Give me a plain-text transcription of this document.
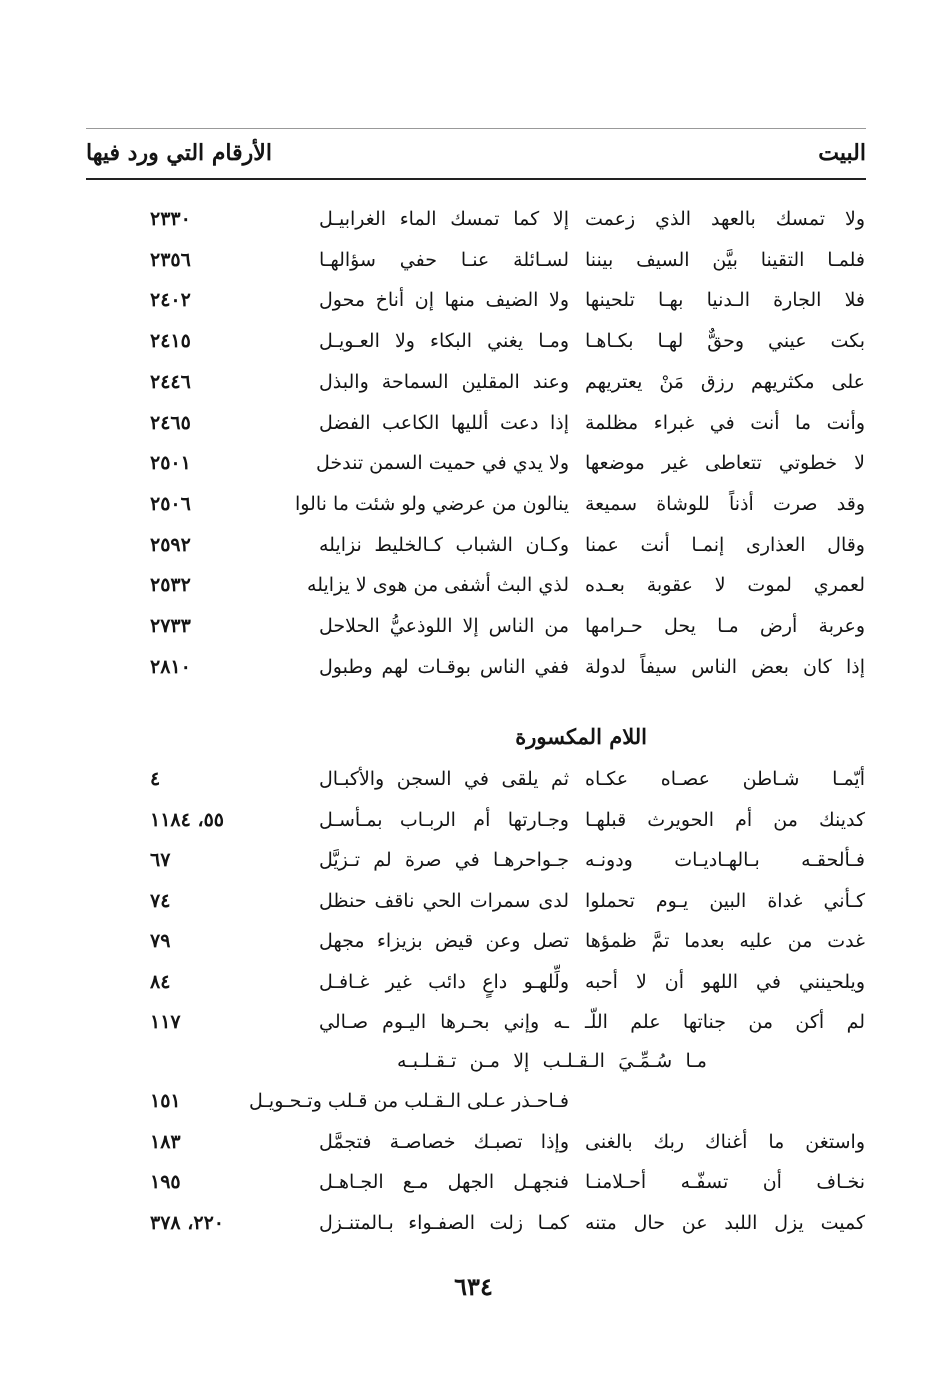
البيت
الأرقام التي ورد فيها
ولا تمسك بالعهد الذي زعمت
إلا كما تمسك الماء الغرابيـل
٢٣٣٠
فلمـا التقينا بيَّن السيف بيننا
لسـائلة عنـا حفي سؤالهـا
٢٣٥٦
فلا الجارة الـدنيا بهـا تلحينها
ولا الضيف منها إن أناخ محول
٢٤٠٢
بكت عيني وحقٌّ لهـا بكـاهـا
ومـا يغني البكاء ولا العـويـل
٢٤١٥
على مكثريهم رزق مَنْ يعتريهم
وعند المقلين السماحة والبذل
٢٤٤٦
وأنت ما أنت في غبراء مظلمة
إذا دعت ألليها الكاعب الفضل
٢٤٦٥
لا خطوتي تتعاطى غير موضعها
ولا يدي في حميت السمن تندخل
٢٥٠١
وقد صرت أذناً للوشاة سميعة
ينالون من عرضي ولو شئت ما نالوا
٢٥٠٦
وقال العذارى إنمـا أنت عمنا
وكـان الشباب كـالخليط نزايله
٢٥٩٢
لعمري لموت لا عقوبة بعـده
لذي البث أشفى من هوى لا يزايله
٢٥٣٢
وعربة أرض مـا يحل حـرامها
من الناس إلا اللوذعيُّ الحلاحل
٢٧٣٣
إذا كان بعض الناس سيفاً لدولة
ففي الناس بوقـات لهم وطبول
٢٨١٠
اللام المكسورة
أيّمـا شـاطن عصـاه عكـاه
ثم يلقى في السجن والأكبـال
٤
كدينك من أم الحويرث قبلهـا
وجـارتها أم الربـاب بمـأسـل
٥٥، ١١٨٤
فـألحقـه بـالهـاديـات ودونـه
جـواحرهـا في صرة لم تـزيَّل
٦٧
كـأني غداة البين يـوم تحملوا
لدى سمرات الحي ناقف حنظل
٧٤
غدت من عليه بعدما تمَّ ظمؤها
تصل وعن قيض بزيزاء مجهل
٧٩
ويلحينني في اللهو أن لا أحبه
ولِّلهـو داعٍ دائب غير غـافـل
٨٤
لم أكن من جناتها علم اللّـ
ـه وإني بحـرها اليـوم صـالي
١١٧
مـا سُـمِّـيَ الـقـلـب إلا مـن تـقـلـبـه
فـاحـذر عـلى الـقـلب من قـلب وتـحـويـل
١٥١
واستغن ما أغناك ربك بالغنى
وإذا تصبـك خصاصـة فتجمَّل
١٨٣
نخـاف أن تسفّـه أحـلامنـا
فنجهـل الجهل مـع الجـاهـل
١٩٥
كميت يزل اللبد عن حال متنه
كمـا زلت الصفـواء بـالمتنـزل
٢٢٠، ٣٧٨
٦٣٤
